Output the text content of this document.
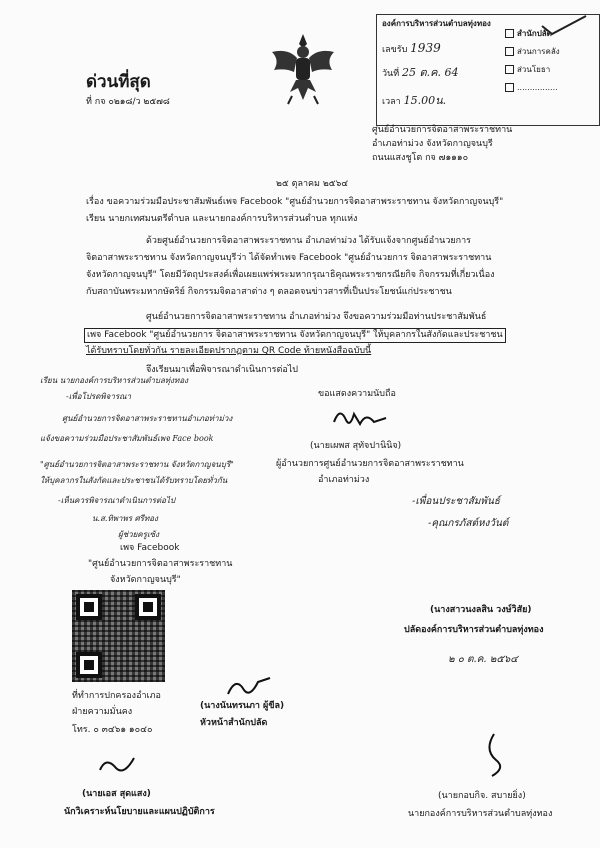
องค์การบริหารส่วนตำบลทุ่งทอง
เลขรับ 1939
วันที่ 25 ต.ค. 64
เวลา 15.00น.
สำนักปลัด
ส่วนการคลัง
ส่วนโยธา
................
ด่วนที่สุด
ที่ กจ ๐๒๑๘/ว ๒๕๗๘
ศูนย์อำนวยการจิตอาสาพระราชทาน
อำเภอท่าม่วง จังหวัดกาญจนบุรี
ถนนแสงชูโต กจ ๗๑๑๑๐
๒๕ ตุลาคม ๒๕๖๔
เรื่อง ขอความร่วมมือประชาสัมพันธ์เพจ Facebook "ศูนย์อำนวยการจิตอาสาพระราชทาน จังหวัดกาญจนบุรี"
เรียน นายกเทศมนตรีตำบล และนายกองค์การบริหารส่วนตำบล ทุกแห่ง
ด้วยศูนย์อำนวยการจิตอาสาพระราชทาน อำเภอท่าม่วง ได้รับแจ้งจากศูนย์อำนวยการ
จิตอาสาพระราชทาน จังหวัดกาญจนบุรีว่า ได้จัดทำเพจ Facebook "ศูนย์อำนวยการ จิตอาสาพระราชทาน
จังหวัดกาญจนบุรี" โดยมีวัตถุประสงค์เพื่อเผยแพร่พระมหากรุณาธิคุณพระราชกรณียกิจ กิจกรรมที่เกี่ยวเนื่อง
กับสถาบันพระมหากษัตริย์ กิจกรรมจิตอาสาต่าง ๆ ตลอดจนข่าวสารที่เป็นประโยชน์แก่ประชาชน
ศูนย์อำนวยการจิตอาสาพระราชทาน อำเภอท่าม่วง จึงขอความร่วมมือท่านประชาสัมพันธ์
เพจ Facebook "ศูนย์อำนวยการ จิตอาสาพระราชทาน จังหวัดกาญจนบุรี" ให้บุคลากรในสังกัดและประชาชน
ได้รับทราบโดยทั่วกัน รายละเอียดปรากฏตาม QR Code ท้ายหนังสือฉบับนี้
จึงเรียนมาเพื่อพิจารณาดำเนินการต่อไป
ขอแสดงความนับถือ
(นายเผพส สุทัจปานินิจ)
ผู้อำนวยการศูนย์อำนวยการจิตอาสาพระราชทาน
อำเภอท่าม่วง
เรียน นายกองค์การบริหารส่วนตำบลทุ่งทอง
-เพื่อโปรดพิจารณา
ศูนย์อำนวยการจิตอาสาพระราชทานอำเภอท่าม่วง
แจ้งขอความร่วมมือประชาสัมพันธ์เพจ Face book
"ศูนย์อำนวยการจิตอาสาพระราชทาน จังหวัดกาญจนบุรี"
ให้บุคลากรในสังกัดและประชาชนได้รับทราบโดยทั่วกัน
-เห็นควรพิจารณาดำเนินการต่อไป
น.ส.ทิพาพร ศรีทอง
ผู้ช่วยครูเซ้ง
-เพื่อนประชาสัมพันธ์
-คุณกรภัสต์หงวันต์
เพจ Facebook
"ศูนย์อำนวยการจิตอาสาพระราชทาน
จังหวัดกาญจนบุรี"
(นางสาวนงลสิน วงษ์วิสัย)
ปลัดองค์การบริหารส่วนตำบลทุ่งทอง
๒ ๐ ต.ค. ๒๕๖๔
ที่ทำการปกครองอำเภอ
ฝ่ายความมั่นคง
โทร. ๐ ๓๔๖๑ ๑๐๔๐
(นางนันทรนภา ผู้ขีล)
หัวหน้าสำนักปลัด
(นายกอบกิจ. สบายยิ่ง)
นายกองค์การบริหารส่วนตำบลทุ่งทอง
(นายเอส สุดแสง)
นักวิเคราะห์นโยบายและแผนปฏิบัติการ
